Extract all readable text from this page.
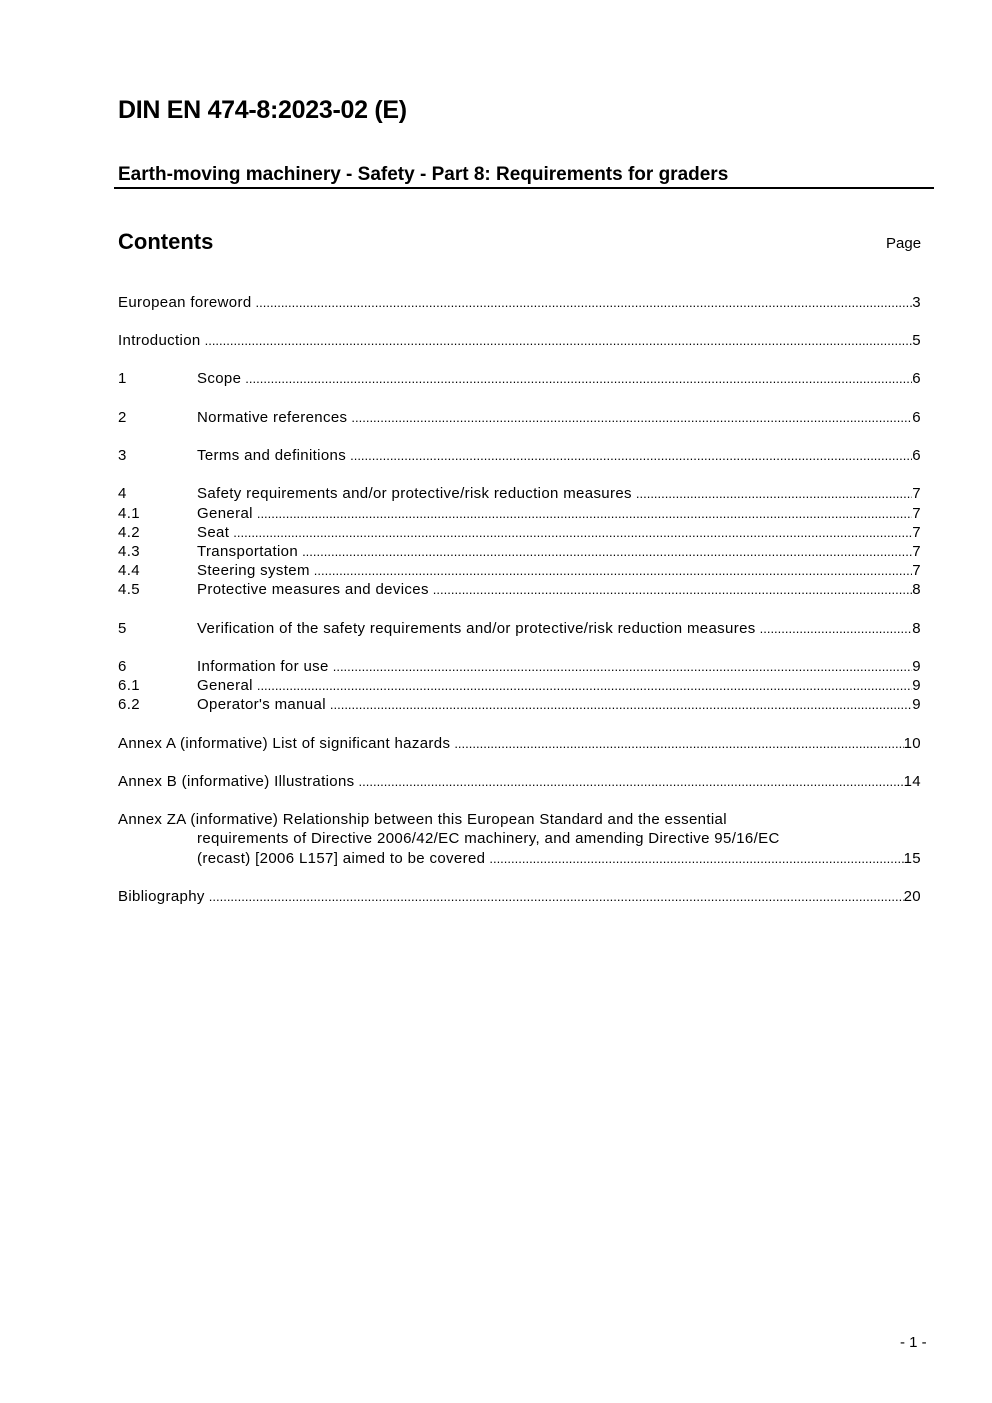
DIN EN 474-8:2023-02 (E)
Earth-moving machinery - Safety - Part 8: Requirements for graders
Contents	Page
European foreword .....	3
Introduction .....	5
1	Scope .....	6
2	Normative references .....	6
3	Terms and definitions .....	6
4	Safety requirements and/or protective/risk reduction measures .....	7
4.1	General .....	7
4.2	Seat .....	7
4.3	Transportation .....	7
4.4	Steering system .....	7
4.5	Protective measures and devices .....	8
5	Verification of the safety requirements and/or protective/risk reduction measures .....	8
6	Information for use .....	9
6.1	General .....	9
6.2	Operator's manual .....	9
Annex A (informative) List of significant hazards .....	10
Annex B (informative) Illustrations .....	14
Annex ZA (informative) Relationship between this European Standard and the essential
requirements of Directive 2006/42/EC machinery, and amending Directive 95/16/EC
(recast) [2006 L157] aimed to be covered .....	15
Bibliography .....	20
- 1 -
